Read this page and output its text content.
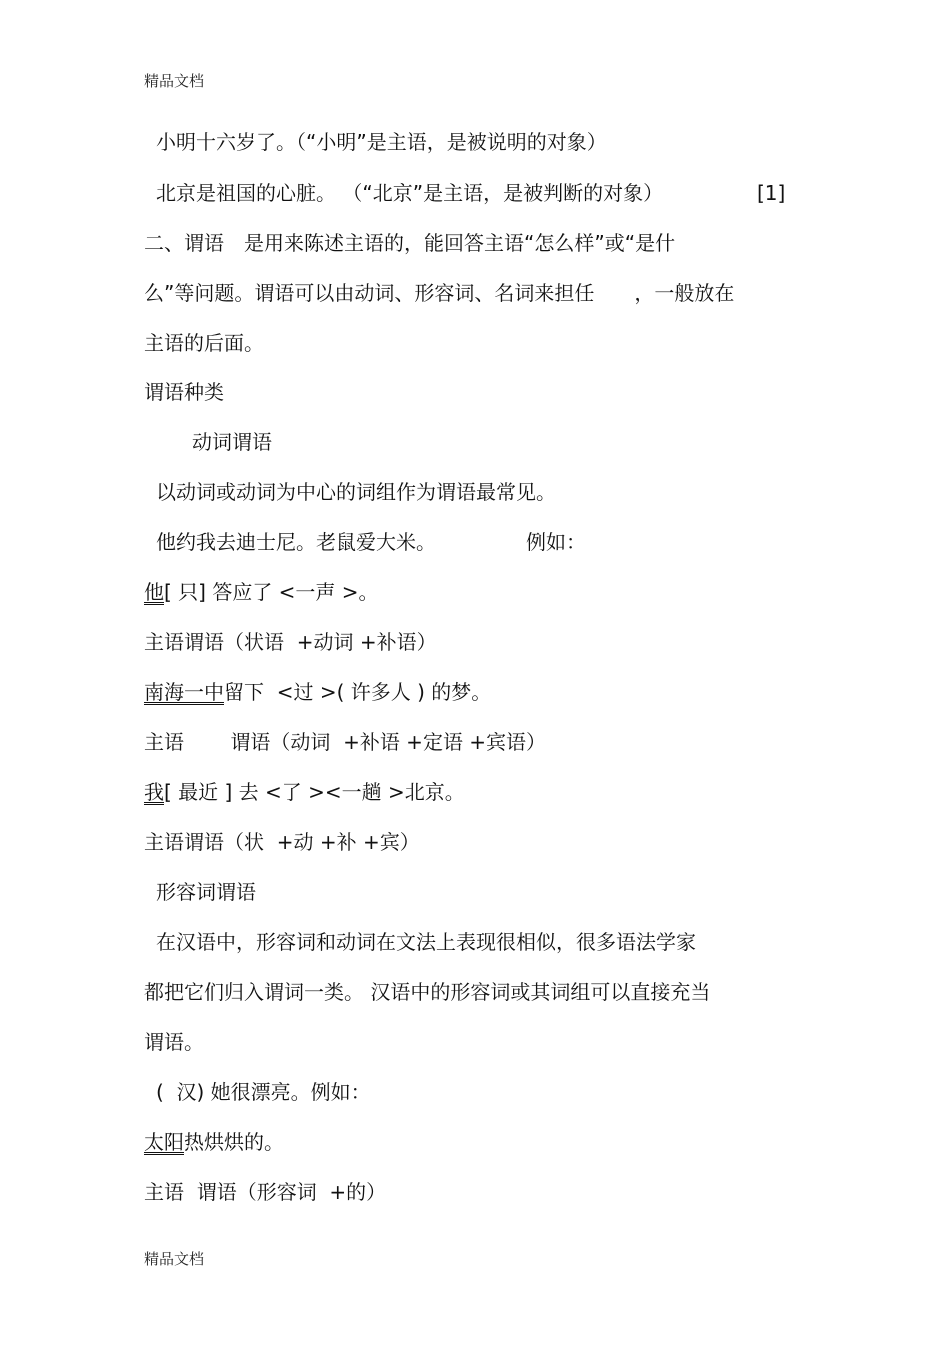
精品文档
小明十六岁了。（“小明”是主语，是被说明的对象）
北京是祖国的心脏。 （“北京”是主语，是被判断的对象）	[1]
二、谓语　是用来陈述主语的，能回答主语“怎么样”或“是什
么”等问题。谓语可以由动词、形容词、名词来担任　　，一般放在
主语的后面。
谓语种类
动词谓语
以动词或动词为中心的词组作为谓语最常见。
他约我去迪士尼。老鼠爱大米。　　　　　例如：
他[ 只] 答应了 <一声 >。
主语谓语（状语  +动词 +补语）
南海一中留下  <过 >( 许多人 ) 的梦。
主语　　 谓语（动词  +补语 +定语 +宾语）
我[ 最近 ] 去 <了 ><一趟 >北京。
主语谓语（状  +动 +补 +宾）
形容词谓语
在汉语中，形容词和动词在文法上表现很相似，很多语法学家
都把它们归入谓词一类。 汉语中的形容词或其词组可以直接充当
谓语。
(  汉) 她很漂亮。例如：
太阳热烘烘的。
主语  谓语（形容词  +的）
精品文档
